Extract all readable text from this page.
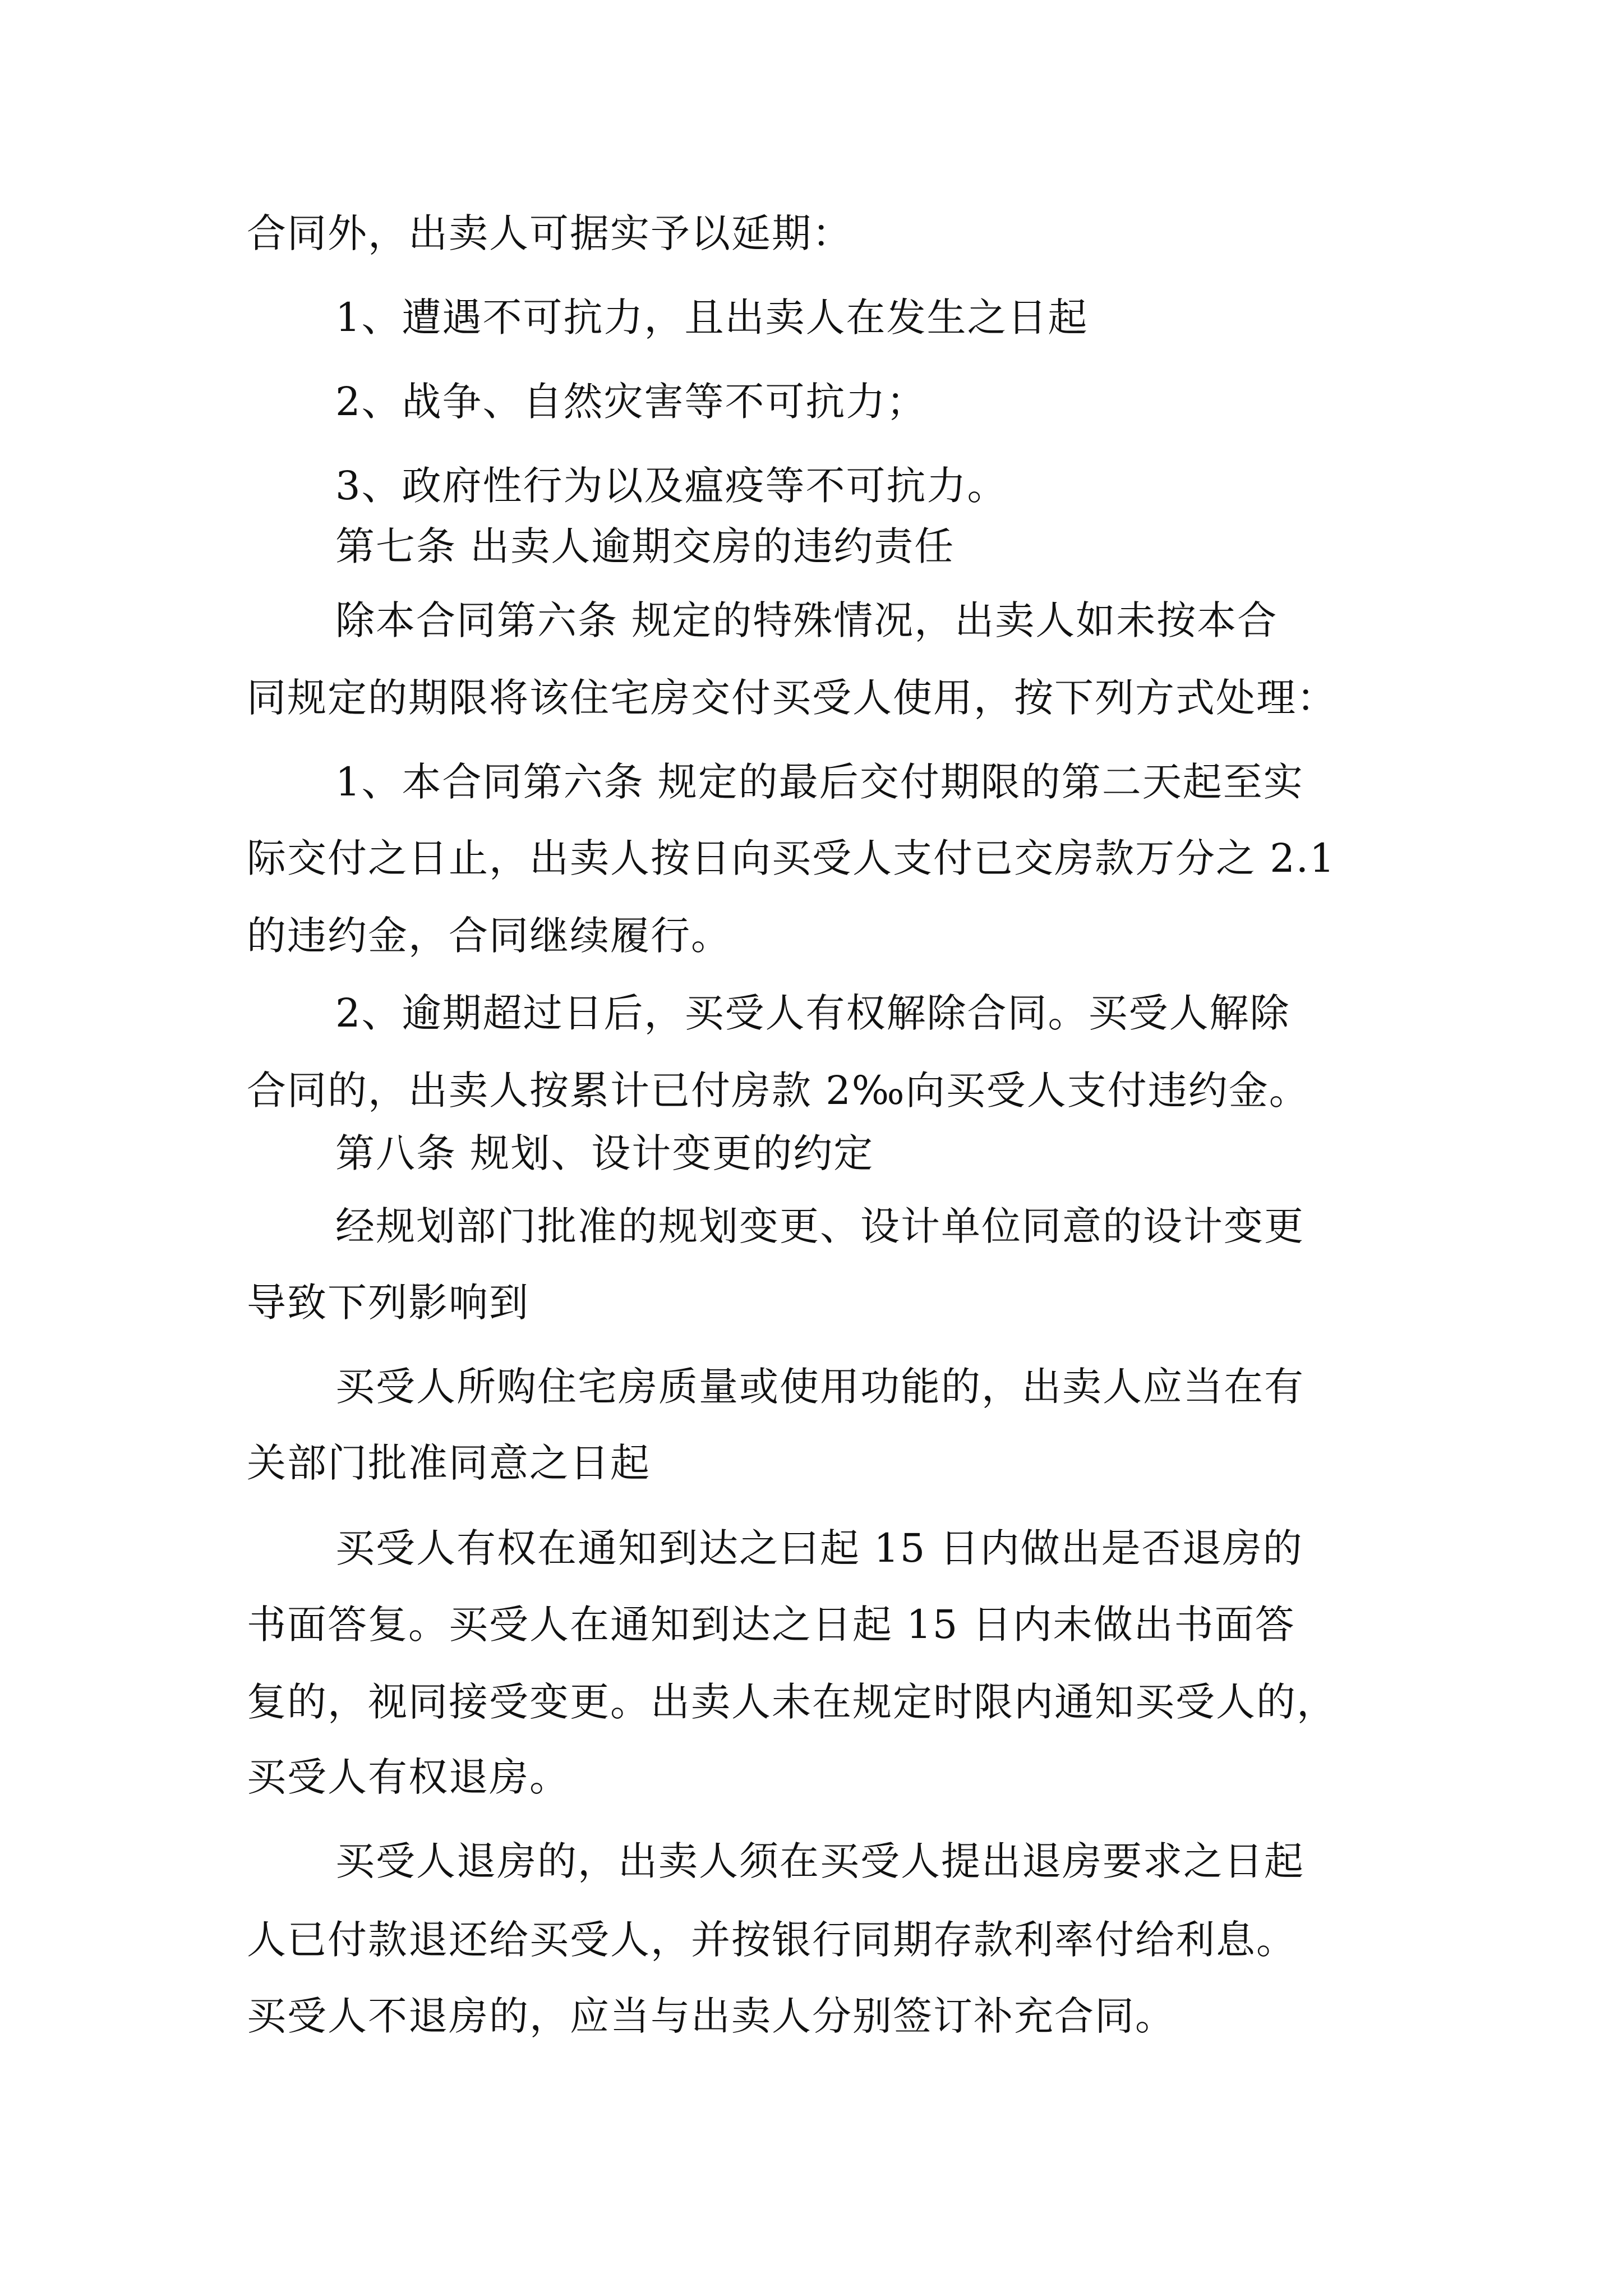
合同外，出卖人可据实予以延期：
1、遭遇不可抗力，且出卖人在发生之日起
2、战争、自然灾害等不可抗力；
3、政府性行为以及瘟疫等不可抗力。
第七条 出卖人逾期交房的违约责任
除本合同第六条 规定的特殊情况，出卖人如未按本合
同规定的期限将该住宅房交付买受人使用，按下列方式处理：
1、本合同第六条 规定的最后交付期限的第二天起至实
际交付之日止，出卖人按日向买受人支付已交房款万分之 2.1
的违约金，合同继续履行。
2、逾期超过日后，买受人有权解除合同。买受人解除
合同的，出卖人按累计已付房款 2‰向买受人支付违约金。
第八条 规划、设计变更的约定
经规划部门批准的规划变更、设计单位同意的设计变更
导致下列影响到
买受人所购住宅房质量或使用功能的，出卖人应当在有
关部门批准同意之日起
买受人有权在通知到达之曰起 15 日内做出是否退房的
书面答复。买受人在通知到达之日起 15 日内未做出书面答
复的，视同接受变更。出卖人未在规定时限内通知买受人的，
买受人有权退房。
买受人退房的，出卖人须在买受人提出退房要求之日起
人已付款退还给买受人，并按银行同期存款利率付给利息。
买受人不退房的，应当与出卖人分别签订补充合同。
